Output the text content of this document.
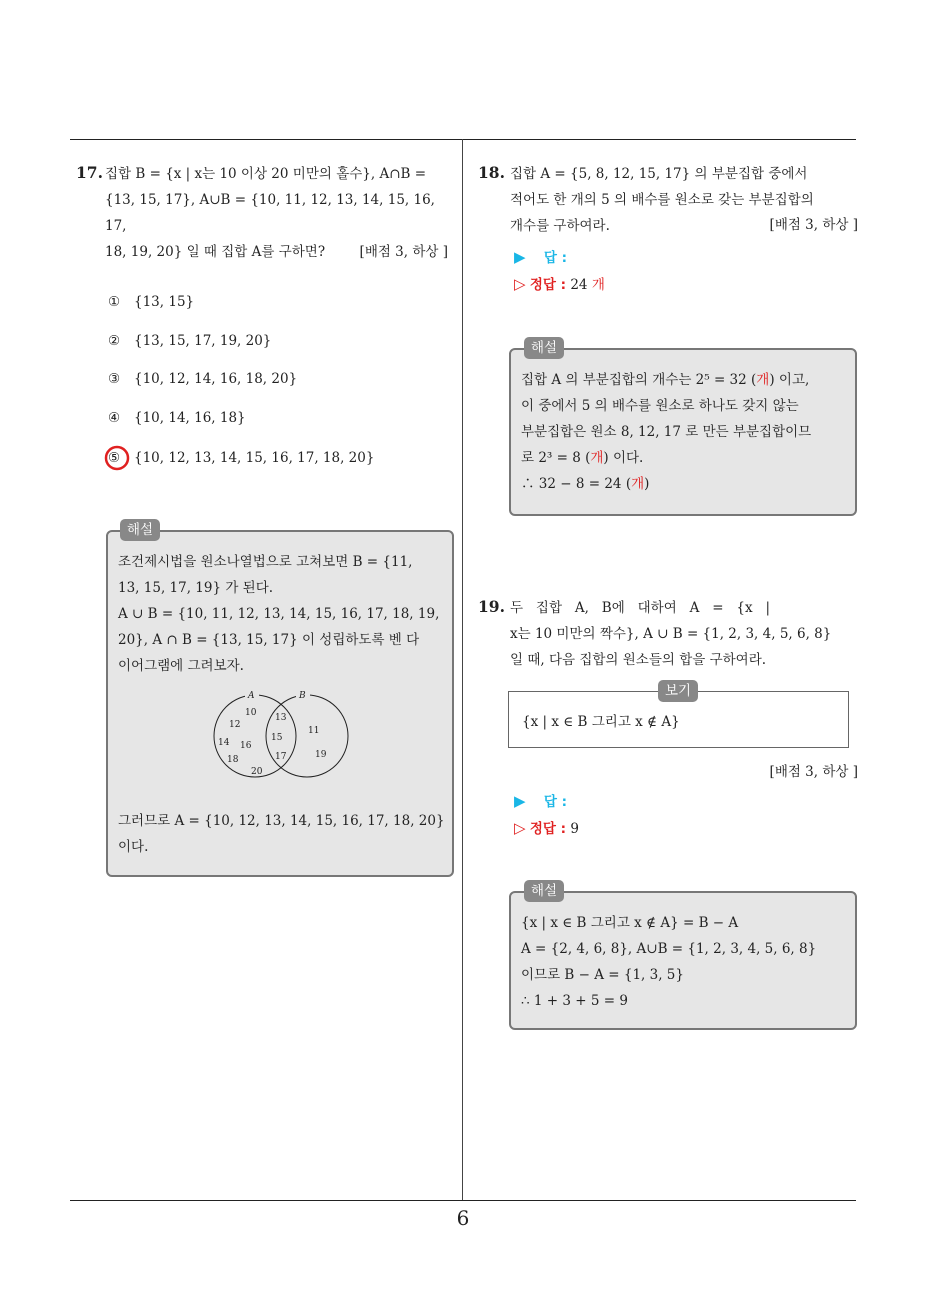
6
17. 집합 B = {x | x는 10 이상 20 미만의 홀수}, A∩B =
{13, 15, 17}, A∪B = {10, 11, 12, 13, 14, 15, 16, 17,
18, 19, 20} 일 때 집합 A를 구하면?	[배점 3, 하상 ]
① {13, 15}
② {13, 15, 17, 19, 20}
③ {10, 12, 14, 16, 18, 20}
④ {10, 14, 16, 18}
⑤ {10, 12, 13, 14, 15, 16, 17, 18, 20}
해설
조건제시법을 원소나열법으로 고쳐보면 B = {11,
13, 15, 17, 19} 가 된다.
A ∪ B = {10, 11, 12, 13, 14, 15, 16, 17, 18, 19,
20}, A ∩ B = {13, 15, 17} 이 성립하도록 벤 다
이어그램에 그려보자.
A	B
10
12
14 16
18
20
13
15
17
11
19
그러므로 A = {10, 12, 13, 14, 15, 16, 17, 18, 20}
이다.
18. 집합 A = {5, 8, 12, 15, 17} 의 부분집합 중에서
적어도 한 개의 5 의 배수를 원소로 갖는 부분집합의
개수를 구하여라.	[배점 3, 하상 ]
▶ 답 :
▷ 정답 : 24 개
해설
집합 A 의 부분집합의 개수는 2⁵ = 32 (개) 이고,
이 중에서 5 의 배수를 원소로 하나도 갖지 않는
부분집합은 원소 8, 12, 17 로 만든 부분집합이므
로 2³ = 8 (개) 이다.
∴ 32 − 8 = 24 (개)
19. 두   집합   A,   B에   대하여   A   =   {x   |
x는 10 미만의 짝수}, A ∪ B = {1, 2, 3, 4, 5, 6, 8}
일 때, 다음 집합의 원소들의 합을 구하여라.
보기
{x | x ∈ B 그리고 x ∉ A}
[배점 3, 하상 ]
▶ 답 :
▷ 정답 : 9
해설
{x | x ∈ B 그리고 x ∉ A} = B − A
A = {2, 4, 6, 8}, A∪B = {1, 2, 3, 4, 5, 6, 8}
이므로 B − A = {1, 3, 5}
∴ 1 + 3 + 5 = 9
